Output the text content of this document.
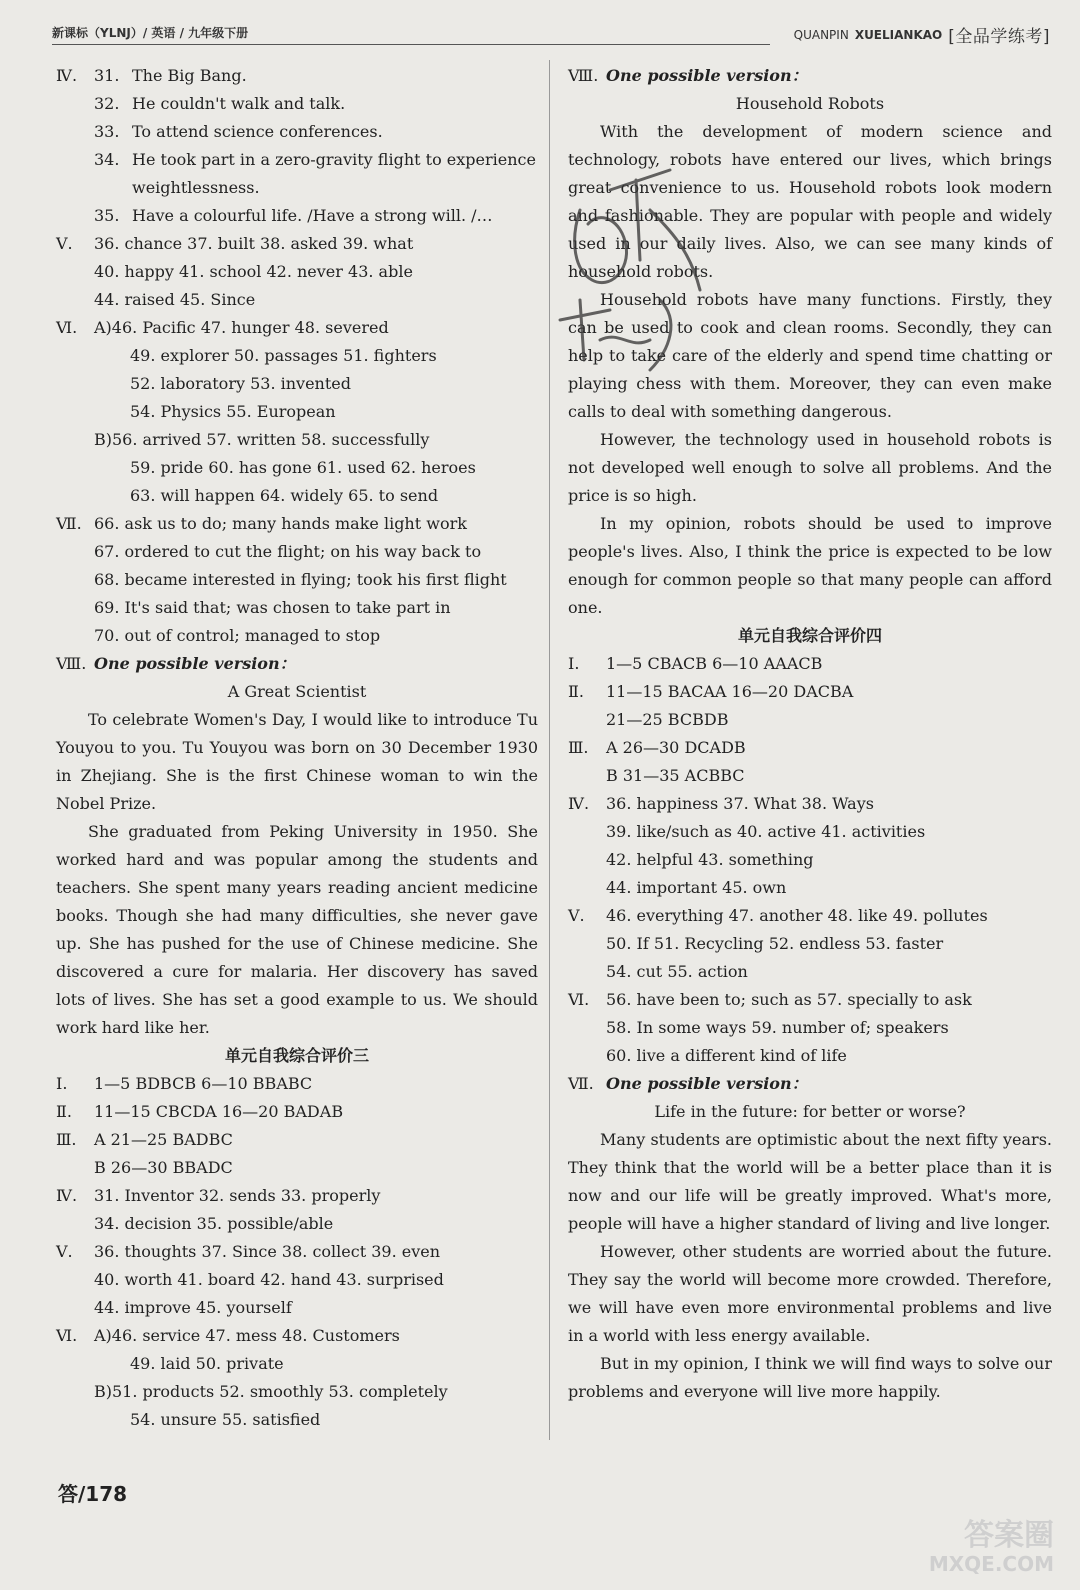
新课标（YLNJ）/ 英语 / 九年级下册	QUANPIN XUELIANKAO [全品学练考]
Ⅳ. 31. The Big Bang.
32. He couldn't walk and talk.
33. To attend science conferences.
34. He took part in a zero-gravity flight to experience
weightlessness.
35. Have a colourful life. /Have a strong will. /…
Ⅴ. 36. chance 37. built 38. asked 39. what
40. happy 41. school 42. never 43. able
44. raised 45. Since
Ⅵ. A)46. Pacific 47. hunger 48. severed
49. explorer 50. passages 51. fighters
52. laboratory 53. invented
54. Physics 55. European
B)56. arrived 57. written 58. successfully
59. pride 60. has gone 61. used 62. heroes
63. will happen 64. widely 65. to send
Ⅶ. 66. ask us to do; many hands make light work
67. ordered to cut the flight; on his way back to
68. became interested in flying; took his first flight
69. It's said that; was chosen to take part in
70. out of control; managed to stop
Ⅷ. One possible version：
A Great Scientist
To celebrate Women's Day, I would like to introduce Tu Youyou to you. Tu Youyou was born on 30 December 1930 in Zhejiang. She is the first Chinese woman to win the Nobel Prize.
She graduated from Peking University in 1950. She worked hard and was popular among the students and teachers. She spent many years reading ancient medicine books. Though she had many difficulties, she never gave up. She has pushed for the use of Chinese medicine. She discovered a cure for malaria. Her discovery has saved lots of lives. She has set a good example to us. We should work hard like her.
单元自我综合评价三
Ⅰ. 1—5 BDBCB 6—10 BBABC
Ⅱ. 11—15 CBCDA 16—20 BADAB
Ⅲ. A 21—25 BADBC
B 26—30 BBADC
Ⅳ. 31. Inventor 32. sends 33. properly
34. decision 35. possible/able
Ⅴ. 36. thoughts 37. Since 38. collect 39. even
40. worth 41. board 42. hand 43. surprised
44. improve 45. yourself
Ⅵ. A)46. service 47. mess 48. Customers
49. laid 50. private
B)51. products 52. smoothly 53. completely
54. unsure 55. satisfied
Ⅷ. One possible version：
Household Robots
With the development of modern science and technology, robots have entered our lives, which brings great convenience to us. Household robots look modern and fashionable. They are popular with people and widely used in our daily lives. Also, we can see many kinds of household robots.
Household robots have many functions. Firstly, they can be used to cook and clean rooms. Secondly, they can help to take care of the elderly and spend time chatting or playing chess with them. Moreover, they can even make calls to deal with something dangerous.
However, the technology used in household robots is not developed well enough to solve all problems. And the price is so high.
In my opinion, robots should be used to improve people's lives. Also, I think the price is expected to be low enough for common people so that many people can afford one.
单元自我综合评价四
Ⅰ. 1—5 CBACB 6—10 AAACB
Ⅱ. 11—15 BACAA 16—20 DACBA
21—25 BCBDB
Ⅲ. A 26—30 DCADB
B 31—35 ACBBC
Ⅳ. 36. happiness 37. What 38. Ways
39. like/such as 40. active 41. activities
42. helpful 43. something
44. important 45. own
Ⅴ. 46. everything 47. another 48. like 49. pollutes
50. If 51. Recycling 52. endless 53. faster
54. cut 55. action
Ⅵ. 56. have been to; such as 57. specially to ask
58. In some ways 59. number of; speakers
60. live a different kind of life
Ⅶ. One possible version：
Life in the future: for better or worse?
Many students are optimistic about the next fifty years. They think that the world will be a better place than it is now and our life will be greatly improved. What's more, people will have a higher standard of living and live longer.
However, other students are worried about the future. They say the world will become more crowded. Therefore, we will have even more environmental problems and live in a world with less energy available.
But in my opinion, I think we will find ways to solve our problems and everyone will live more happily.
答/178
答案圈
MXQE.COM
